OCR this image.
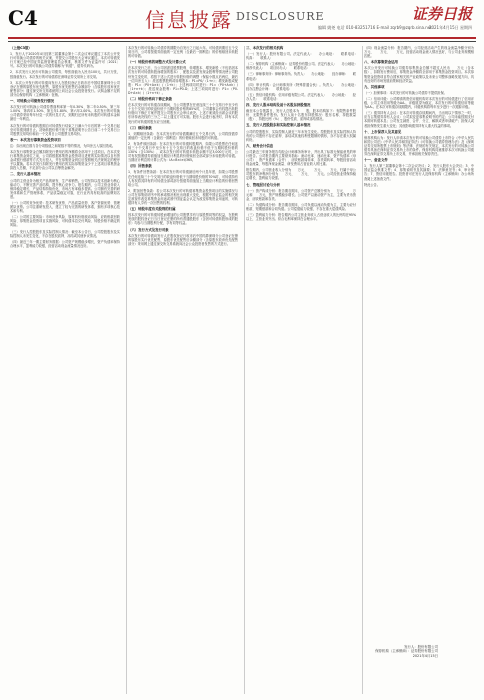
C4	信息披露 DISCLOSURE	证券日报
编辑 姚尧 电话 010-83251716 E-mail zqrb9@zqrb.sina.net
2021年4月15日 星期四

（上接C3版）

1、发行人于2020年4月经第三届董事会第十二次会议审议通过了本次公开发行可转换公司债券的相关议案，并提交公司股东大会审议通过。本次可转债发行方案已经中国证券监督管理委员会核准，核准文件为证监许可〔2021〕号。本次发行的可转换公司债券简称为“转债”，债券代码为。

2、本次发行人民币可转换公司债券，每张面值为人民币100元，共计万张，按面值发行。本次发行的可转债将在深圳证券交易所上市交易。

3、本次公开发行的可转债向发行人在股权登记日收市后中国结算深圳分公司登记在册的原股东优先配售，原股东优先配售后余额部分（含原股东放弃优先配售部分）通过深交所交易系统网上向社会公众投资者发行。认购金额不足的部分由保荐机构（主承销商）包销。

一、可转换公司债券发行情况

本次发行的可转换公司债券票面利率第一年0.30%、第二年0.50%、第三年1.00%、第四年1.50%、第五年1.80%、第六年2.00%。本次发行的可转换公司债券采用每年付息一次的付息方式，到期归还所有未转股的可转债本金和最后一年利息。

本次发行的可转债转股期自可转债发行结束之日满六个月后的第一个交易日起至可转债到期日止。初始转股价格不低于募集说明书公告日前二十个交易日公司股票交易均价和前一个交易日公司股票交易均价。

表一：本次发行募集资金投资项目

注：如出现总数与各分项数值之和尾数不符的情况，为四舍五入原因造成。

本次发行募集资金总额扣除发行费用后的净额将全部用于上述项目。在本次发行募集资金到位之前，公司将根据募集资金投资项目进度的实际情况以自有资金或银行借款等方式先行投入，并在募集资金到位后按照相关法规规定的程序予以置换。若本次发行扣除发行费用后的实际募集资金少于上述项目募集资金拟投入总额，不足部分由公司以自筹资金解决。

二、发行人基本情况

公司的主营业务为相关产品的研发、生产和销售。公司坚持以技术创新为核心驱动力，不断完善产品结构，提升核心竞争力。报告期内，公司主营业务收入保持稳定增长，产品结构持续优化，市场占有率稳步提高。公司拥有完善的研发体系和生产管理体系，产品质量稳定可靠，在行业内具有较高的品牌知名度。

（一）公司的竞争优势：技术研发优势、产品质量优势、客户资源优势、管理团队优势。公司注重研发投入，建立了较为完善的研发体系，拥有多项核心技术和专利。

（二）公司的主要风险：市场竞争风险、原材料价格波动风险、应收账款回收风险、募集资金投资项目实施风险、可转债本息兑付风险、转股价格不确定的风险。

（三）发行人控股股东及实际控制人情况：截至本公告日，公司控股股东及实际控制人未发生变化，不存在股权质押、冻结或其他争议情况。

（四）最近三年一期主要财务数据：公司资产规模稳步增长，资产负债率保持合理水平，盈利能力较强，经营活动现金流量情况良好。

本次发行的可转换公司债券的期限为自发行之日起六年。可转债到期后五个交易日内，公司将按债券面值的一定比例（含最后一期利息）的价格赎回未转股的可转债。

（一）转股价格的调整方式及计算公式

在本次发行之后，当公司因派送股票股利、转增股本、增发新股（不包括因本次发行的可转债转股而增加的股本）、配股以及派发现金股利等情况使公司股份发生变化时，将按下述公式进行转股价格的调整（保留小数点后两位，最后一位四舍五入）：派送股票股利或转增股本：P1=P0/（1+n）；增发新股或配股：P1=（P0+A×k）/（1+k）；上述两项同时进行：P1=（P0+A×k）/（1+n+k）；派送现金股利：P1=P0-D；上述三项同时进行：P1=（P0-D+A×k）/（1+n+k）。

（二）转股价格向下修正条款

在本次发行的可转债存续期间，当公司股票在任意连续三十个交易日中至少有十五个交易日的收盘价低于当期转股价格的85%时，公司董事会有权提出转股价格向下修正方案并提交公司股东大会审议表决。上述方案须经出席会议的股东所持表决权的三分之二以上通过方可实施。股东大会进行表决时，持有本次发行的可转债的股东应当回避。

（三）赎回条款

1、到期赎回条款：在本次发行的可转债期满后五个交易日内，公司将按债券面值的一定比例（含最后一期利息）的价格赎回未转股的可转债。

2、有条件赎回条款：在本次发行的可转债转股期内，如果公司股票在任何连续三十个交易日中至少有十五个交易日的收盘价格不低于当期转股价格的130%（含130%），或本次发行的可转债未转股余额不足3,000万元时，公司有权按照债券面值加当期应计利息的价格赎回全部或部分未转股的可转债。当期应计利息的计算公式为：IA=B×i×t/365。

（四）回售条款

1、有条件回售条款：在本次发行的可转债最后两个计息年度，如果公司股票在任何连续三十个交易日的收盘价格低于当期转股价格的70%时，可转债持有人有权将其持有的可转债全部或部分按债券面值加上当期应计利息的价格回售给公司。

2、附加回售条款：若公司本次发行的可转债募集资金投资项目的实施情况与公司在募集说明书中的承诺情况相比出现重大变化，根据中国证监会的相关规定被视作改变募集资金用途或被中国证监会认定为改变募集资金用途的，可转债持有人享有一次回售的权利。

（五）转股年度有关股利的归属

因本次发行的可转债转股而增加的公司股票享有与原股票同等的权益，在股利发放的股权登记日当日登记在册的所有普通股股东（含因可转债转股形成的股东）均参与当期股利分配，享有同等权益。

（六）发行方式及发行对象

本次发行的可转债向发行人在股权登记日收市后中国结算深圳分公司登记在册的原股东实行优先配售，原股东优先配售后余额部分（含原股东放弃优先配售部分）采用网上通过深交所交易系统向社会公众投资者发售的方式进行。

三、本次发行的相关机构

（一）发行人：股份有限公司。法定代表人：　　办公地址：　　联系电话：　　传真：　　联系人：　　

（二）保荐机构（主承销商）：证券股份有限公司。法定代表人：　　办公地址：　　保荐代表人：　　项目协办人：　　联系电话：　　

（三）律师事务所：律师事务所。负责人：　　办公地址：　　经办律师：　　联系电话：　　

（四）审计机构：会计师事务所（特殊普通合伙）。负责人：　　办公地址：　　经办注册会计师：　　联系电话：　　

（五）资信评级机构：信用评级有限公司。法定代表人：　　办公地址：　　经办人员：　　联系电话：　　

四、发行人股本结构及前十名股东持股情况

截至本公告披露日，发行人总股本为　　股，股本结构如下：有限售条件股份、无限售条件股份。发行人前十名股东持股情况：股东名称、持股数量（股）、持股比例（%）、股份性质、质押或冻结情况。

五、发行人控股股东和实际控制人基本情况

公司的控股股东、实际控制人最近三年未发生变化。控股股东及实际控制人持有的公司股份不存在质押、冻结或其他权利受限制的情形，亦不存在重大权属纠纷。

六、财务会计信息

公司最近三年财务报告均经会计师事务所审计，并出具了标准无保留意见的审计报告。公司报告期内主要财务指标：流动比率、速动比率、资产负债率（母公司）、资产负债率（合并）、应收账款周转率、存货周转率、每股经营活动现金流量、每股净现金流量、研发费用占营业收入的比重。

报告期内，公司营业收入分别为　　万元、　　万元、　　万元，归属于母公司股东的净利润分别为　　万元、　　万元、　　万元。公司经营业绩保持稳定增长，盈利能力较强。

七、管理层讨论与分析

（一）资产构成分析：报告期各期末，公司资产总额分别为　　万元、　　万元和　　万元，资产规模稳步增长。公司资产以流动资产为主，主要为货币资金、应收账款和存货。

（二）负债构成分析：报告期各期末，公司负债以流动负债为主，主要为应付账款、短期借款和合同负债。公司偿债能力较强，不存在重大偿债风险。

（三）盈利能力分析：报告期内公司主营业务收入占营业收入的比例均在95%以上，主营业务突出。综合毛利率保持在合理水平。

（四）现金流量分析：报告期内，公司经营活动产生的现金流量净额分别为　　万元、　　万元、　　万元，经营活动现金流入情况良好，与公司业务规模相匹配。

八、本次募集资金运用

本次公开发行可转换公司债券募集资金总额不超过人民币　　万元（含本数），扣除发行费用后，募集资金净额将全部用于募集资金投资项目。本次募集资金投资项目符合国家相关的产业政策以及未来公司整体战略发展方向，具有良好的市场发展前景和经济效益。

九、其他事项

（一）担保事项：本次发行的可转换公司债券不提供担保。

（二）信用评级：公司聘请的资信评级机构对本次发行的可转债进行了信用评级，公司主体信用等级为AA-，评级展望为稳定，本次发行的可转债信用等级为AA-。在本次可转债存续期限内，评级机构将每年至少进行一次跟踪评级。

（三）债券持有人会议：在本次可转债存续期间内，当出现以下情形之一时，应当召集债券持有人会议：公司拟变更募集说明书的约定；公司未能按期支付本期可转债本息；公司发生减资、合并、分立、解散或者申请破产；担保人或者担保物发生重大变化；其他影响债券持有人重大权益的事项。

十、上市保荐人及其意见

保荐机构认为：发行人申请本次发行的可转换公司债券上市符合《中华人民共和国公司法》《中华人民共和国证券法》《可转换公司债券管理办法》及《深圳证券交易所股票上市规则》等法律、法规的有关规定，本次发行的可转换公司债券具备在深圳证券交易所上市的条件。保荐机构同意推荐本次可转换公司债券在深圳证券交易所上市交易，并承担相关保荐责任。

十一、备查文件

1、发行人第三届董事会第十二次会议决议；2、发行人股东大会决议；3、中国证监会核准文件；4、募集说明书及其摘要；5、法律意见书；6、审计报告；7、资信评级报告。投资者可在发行人及保荐机构（主承销商）办公场所查阅上述备查文件。

特此公告。

发行人：股份有限公司
保荐机构（主承销商）：证券股份有限公司
2021年4月15日
